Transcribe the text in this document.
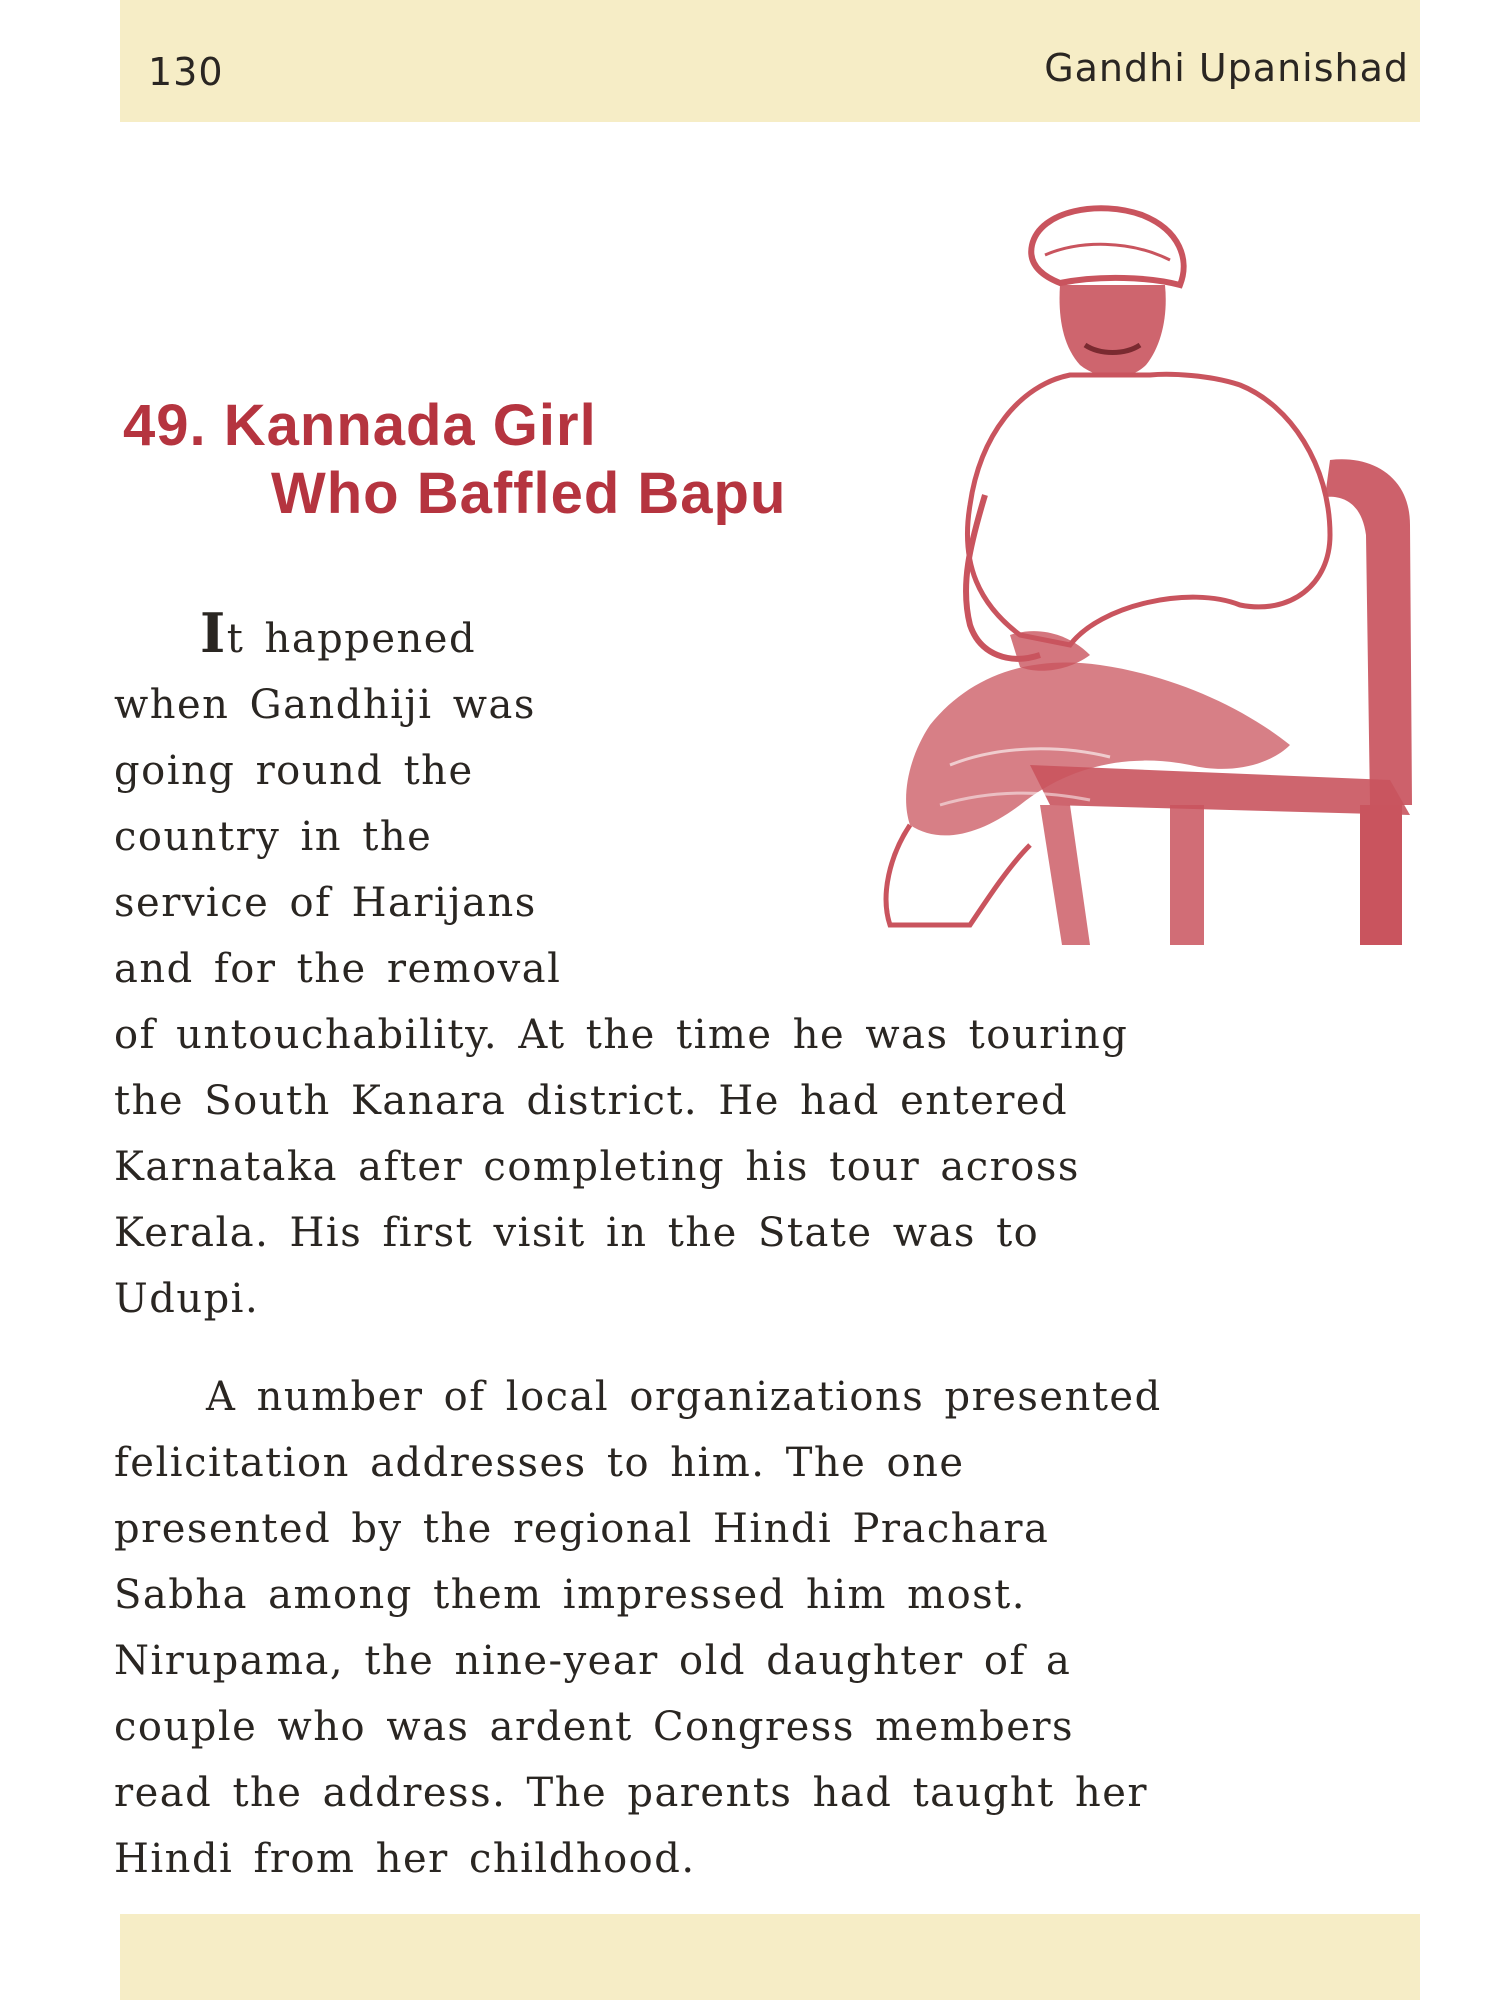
130	Gandhi Upanishad
49. Kannada Girl
Who Baffled Bapu

It happened
when Gandhiji was
going round the
country in the
service of Harijans
and for the removal
of untouchability. At the time he was touring
the South Kanara district. He had entered
Karnataka after completing his tour across
Kerala. His first visit in the State was to
Udupi.

A number of local organizations presented
felicitation addresses to him. The one
presented by the regional Hindi Prachara
Sabha among them impressed him most.
Nirupama, the nine-year old daughter of a
couple who was ardent Congress members
read the address. The parents had taught her
Hindi from her childhood.
